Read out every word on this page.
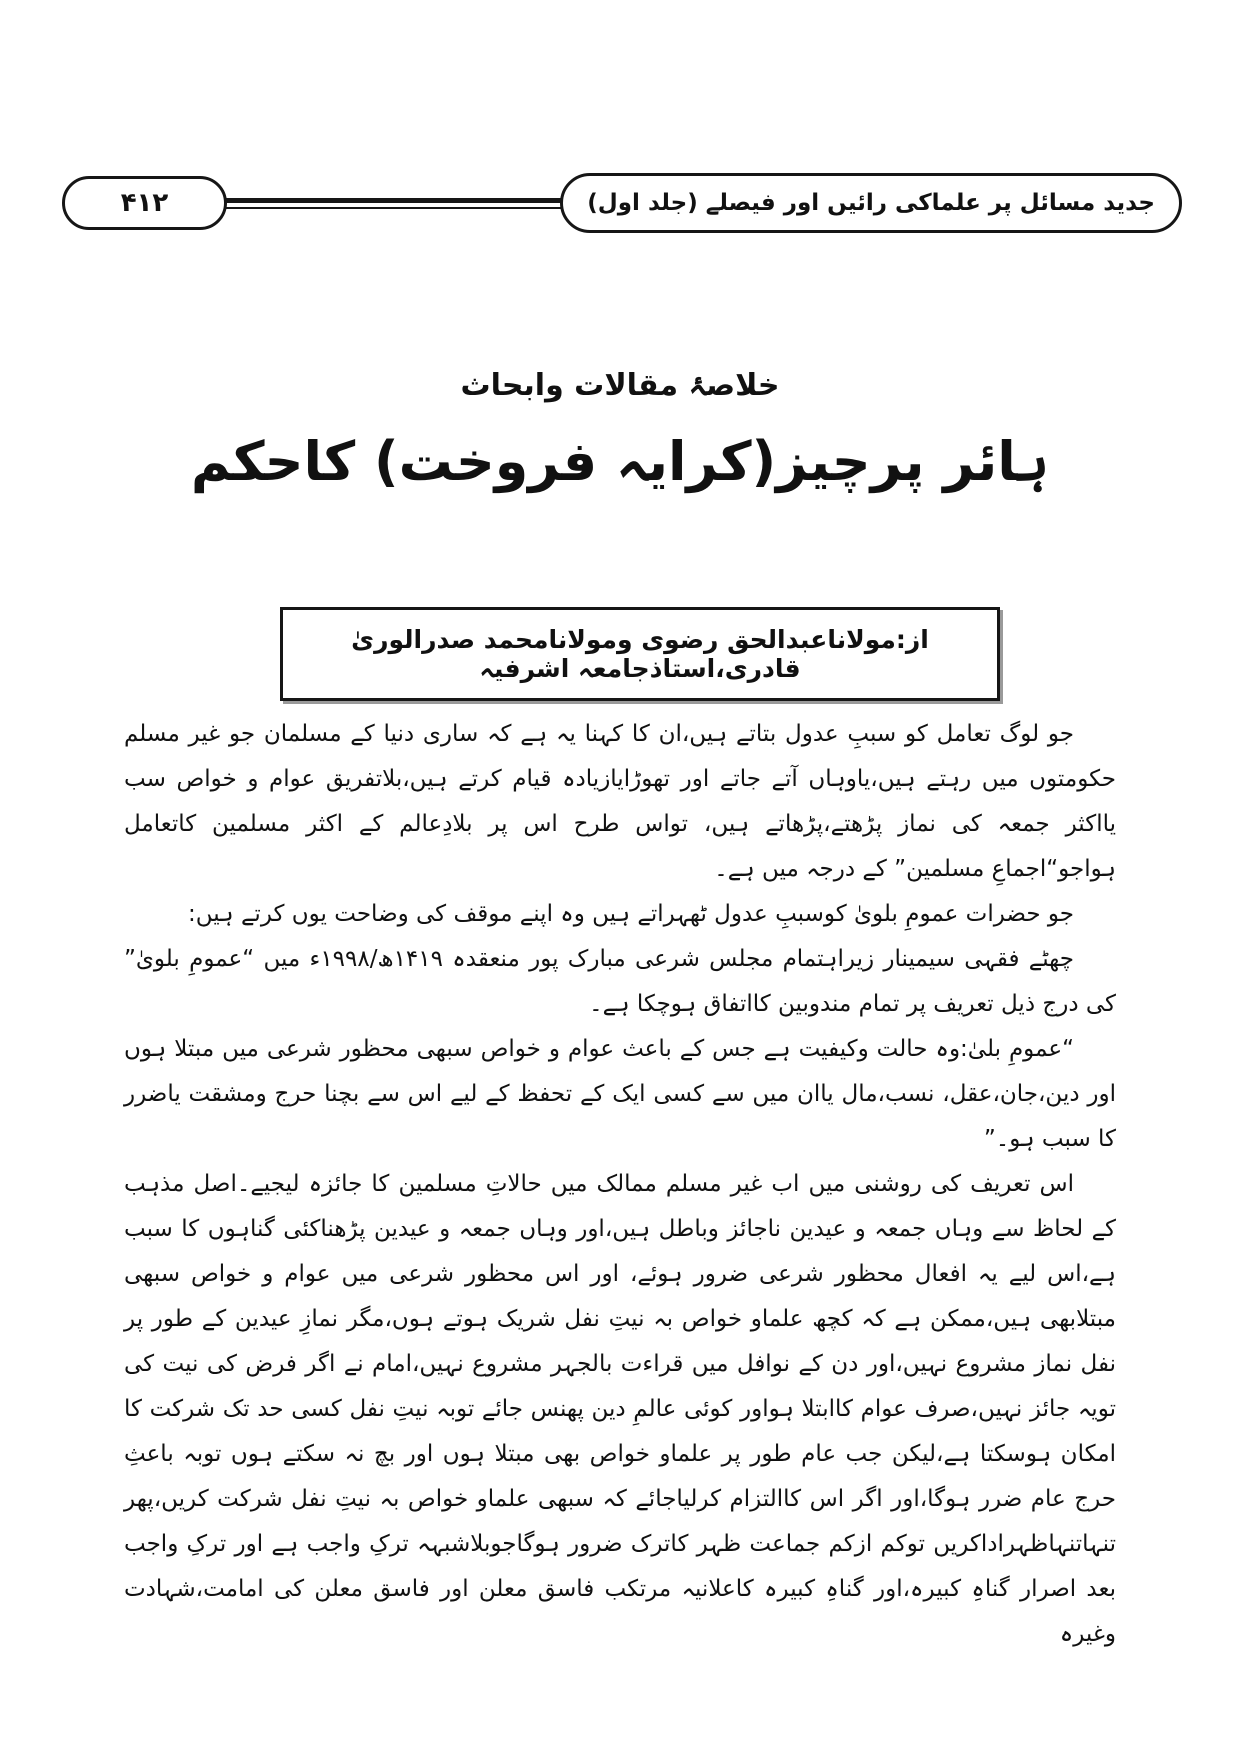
۴۱۲	جدید مسائل پر علماکی رائیں اور فیصلے (جلد اول)
خلاصۂ مقالات وابحاث
ہائر پرچیز(کرایہ فروخت) کاحکم
از:مولاناعبدالحق رضوی ومولانامحمد صدرالوریٰ قادری،استاذجامعہ اشرفیہ

جو لوگ تعامل کو سببِ عدول بتاتے ہیں،ان کا کہنا یہ ہے کہ ساری دنیا کے مسلمان جو غیر مسلم حکومتوں میں رہتے ہیں،یاوہاں آتے جاتے اور تھوڑایازیادہ قیام کرتے ہیں،بلاتفریق عوام و خواص سب یااکثر جمعہ کی نماز پڑھتے،پڑھاتے ہیں، تواس طرح اس پر بلادِعالم کے اکثر مسلمین کاتعامل ہواجو“اجماعِ مسلمین” کے درجہ میں ہے۔

جو حضرات عمومِ بلویٰ کوسببِ عدول ٹھہراتے ہیں وہ اپنے موقف کی وضاحت یوں کرتے ہیں:

چھٹے فقہی سیمینار زیراہتمام مجلس شرعی مبارک پور منعقدہ ۱۴۱۹ھ/۱۹۹۸ء میں “عمومِ بلویٰ” کی درج ذیل تعریف پر تمام مندوبین کااتفاق ہوچکا ہے۔

“عمومِ بلیٰ:وہ حالت وکیفیت ہے جس کے باعث عوام و خواص سبھی محظور شرعی میں مبتلا ہوں اور دین،جان،عقل، نسب،مال یاان میں سے کسی ایک کے تحفظ کے لیے اس سے بچنا حرج ومشقت یاضرر کا سبب ہو۔”

اس تعریف کی روشنی میں اب غیر مسلم ممالک میں حالاتِ مسلمین کا جائزہ لیجیے۔اصل مذہب کے لحاظ سے وہاں جمعہ و عیدین ناجائز وباطل ہیں،اور وہاں جمعہ و عیدین پڑھناکئی گناہوں کا سبب ہے،اس لیے یہ افعال محظور شرعی ضرور ہوئے، اور اس محظور شرعی میں عوام و خواص سبھی مبتلابھی ہیں،ممکن ہے کہ کچھ علماو خواص بہ نیتِ نفل شریک ہوتے ہوں،مگر نمازِ عیدین کے طور پر نفل نماز مشروع نہیں،اور دن کے نوافل میں قراءت بالجہر مشروع نہیں،امام نے اگر فرض کی نیت کی تویہ جائز نہیں،صرف عوام کاابتلا ہواور کوئی عالمِ دین پھنس جائے توبہ نیتِ نفل کسی حد تک شرکت کا امکان ہوسکتا ہے،لیکن جب عام طور پر علماو خواص بھی مبتلا ہوں اور بچ نہ سکتے ہوں توبہ باعثِ حرج عام ضرر ہوگا،اور اگر اس کاالتزام کرلیاجائے کہ سبھی علماو خواص بہ نیتِ نفل شرکت کریں،پھر تنہاتنہاظہراداکریں توکم ازکم جماعت ظہر کاترک ضرور ہوگاجوبلاشبہہ ترکِ واجب ہے اور ترکِ واجب بعد اصرار گناہِ کبیرہ،اور گناہِ کبیرہ کاعلانیہ مرتکب فاسق معلن اور فاسق معلن کی امامت،شہادت وغیرہ
